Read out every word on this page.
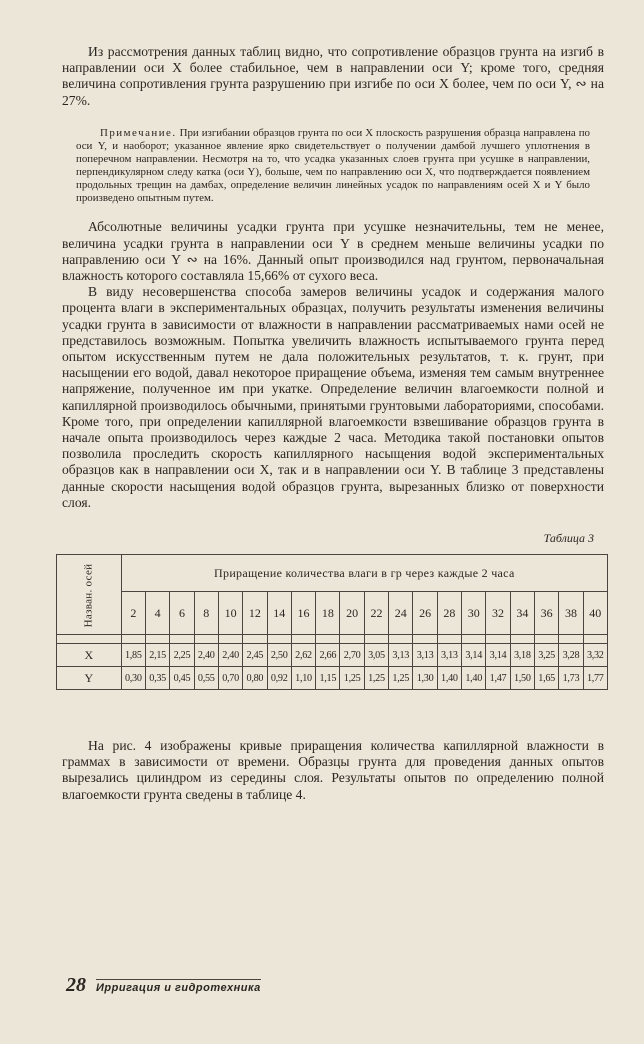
Из рассмотрения данных таблиц видно, что сопротивление образцов грунта на изгиб в направлении оси X более стабильное, чем в направлении оси Y; кроме того, средняя величина сопротивления грунта разрушению при изгибе по оси X более, чем по оси Y, ∾ на 27%.

Примечание. При изгибании образцов грунта по оси X плоскость разрушения образца направлена по оси Y, и наоборот; указанное явление ярко свидетельствует о получении дамбой лучшего уплотнения в поперечном направлении. Несмотря на то, что усадка указанных слоев грунта при усушке в направлении, перпендикулярном следу катка (оси Y), больше, чем по направлению оси X, что подтверждается появлением продольных трещин на дамбах, определение величин линейных усадок по направлениям осей X и Y было произведено опытным путем.

Абсолютные величины усадки грунта при усушке незначительны, тем не менее, величина усадки грунта в направлении оси Y в среднем меньше величины усадки по направлению оси Y ∾ на 16%. Данный опыт производился над грунтом, первоначальная влажность которого составляла 15,66% от сухого веса.

В виду несовершенства способа замеров величины усадок и содержания малого процента влаги в экспериментальных образцах, получить результаты изменения величины усадки грунта в зависимости от влажности в направлении рассматриваемых нами осей не представилось возможным. Попытка увеличить влажность испытываемого грунта перед опытом искусственным путем не дала положительных результатов, т. к. грунт, при насыщении его водой, давал некоторое приращение объема, изменяя тем самым внутреннее напряжение, полученное им при укатке. Определение величин влагоемкости полной и капиллярной производилось обычными, принятыми грунтовыми лабораториями, способами. Кроме того, при определении капиллярной влагоемкости взвешивание образцов грунта в начале опыта производилось через каждые 2 часа. Методика такой постановки опытов позволила проследить скорость капиллярного насыщения водой экспериментальных образцов как в направлении оси X, так и в направлении оси Y. В таблице 3 представлены данные скорости насыщения водой образцов грунта, вырезанных близко от поверхности слоя.

Таблица 3
Назван. осей	Приращение количества влаги в гр через каждые 2 часа																			
	2	4	6	8	10	12	14	16	18	20	22	24	26	28	30	32	34	36	38	40

X	1,85	2,15	2,25	2,40	2,40	2,45	2,50	2,62	2,66	2,70	3,05	3,13	3,13	3,13	3,14	3,14	3,18	3,25	3,28	3,32
Y	0,30	0,35	0,45	0,55	0,70	0,80	0,92	1,10	1,15	1,25	1,25	1,25	1,30	1,40	1,40	1,47	1,50	1,65	1,73	1,77

На рис. 4 изображены кривые приращения количества капиллярной влажности в граммах в зависимости от времени. Образцы грунта для проведения данных опытов вырезались цилиндром из середины слоя. Результаты опытов по определению полной влагоемкости грунта сведены в таблице 4.

28 Ирригация и гидротехника
